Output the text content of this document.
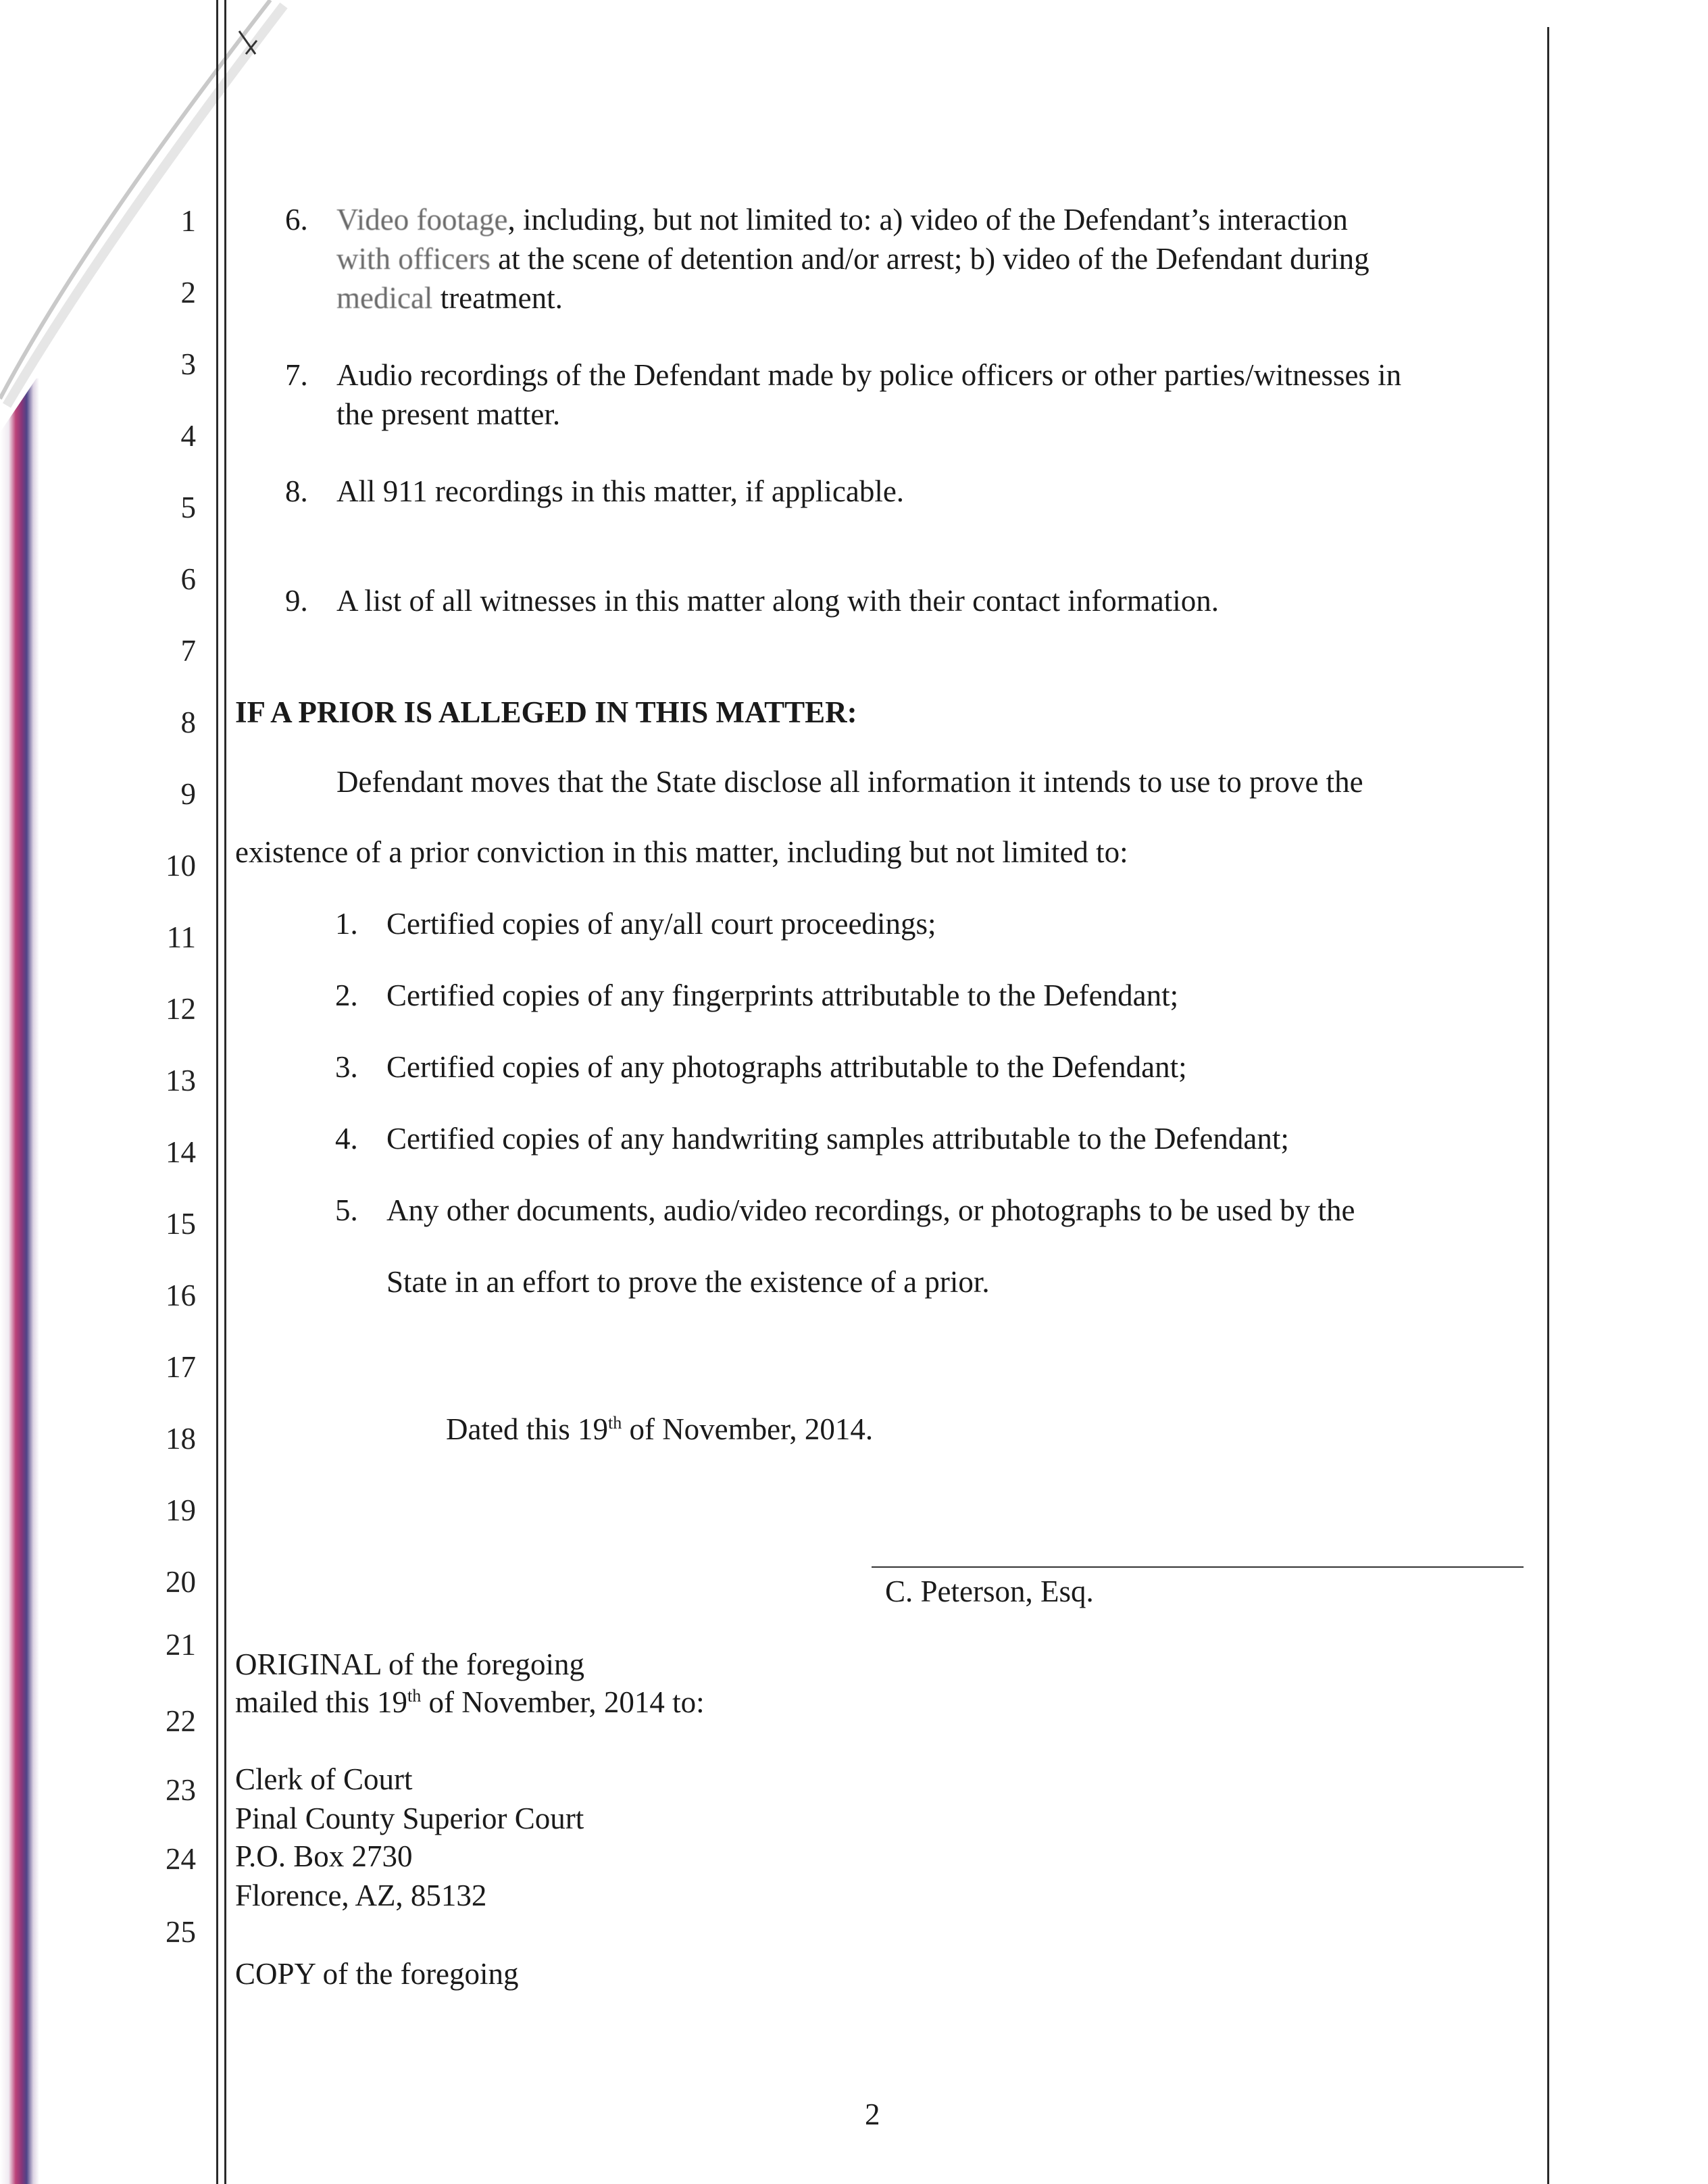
1
2
3
4
5
6
7
8
9
10
11
12
13
14
15
16
17
18
19
20
21
22
23
24
25
6. Video footage, including, but not limited to: a) video of the Defendant’s interaction
with officers at the scene of detention and/or arrest; b) video of the Defendant during
medical treatment.
7. Audio recordings of the Defendant made by police officers or other parties/witnesses in
the present matter.
8. All 911 recordings in this matter, if applicable.
9. A list of all witnesses in this matter along with their contact information.
IF A PRIOR IS ALLEGED IN THIS MATTER:
Defendant moves that the State disclose all information it intends to use to prove the
existence of a prior conviction in this matter, including but not limited to:
1. Certified copies of any/all court proceedings;
2. Certified copies of any fingerprints attributable to the Defendant;
3. Certified copies of any photographs attributable to the Defendant;
4. Certified copies of any handwriting samples attributable to the Defendant;
5. Any other documents, audio/video recordings, or photographs to be used by the
State in an effort to prove the existence of a prior.
Dated this 19th of November, 2014.
C. Peterson, Esq.
ORIGINAL of the foregoing
mailed this 19th of November, 2014 to:
Clerk of Court
Pinal County Superior Court
P.O. Box 2730
Florence, AZ, 85132
COPY of the foregoing
2
